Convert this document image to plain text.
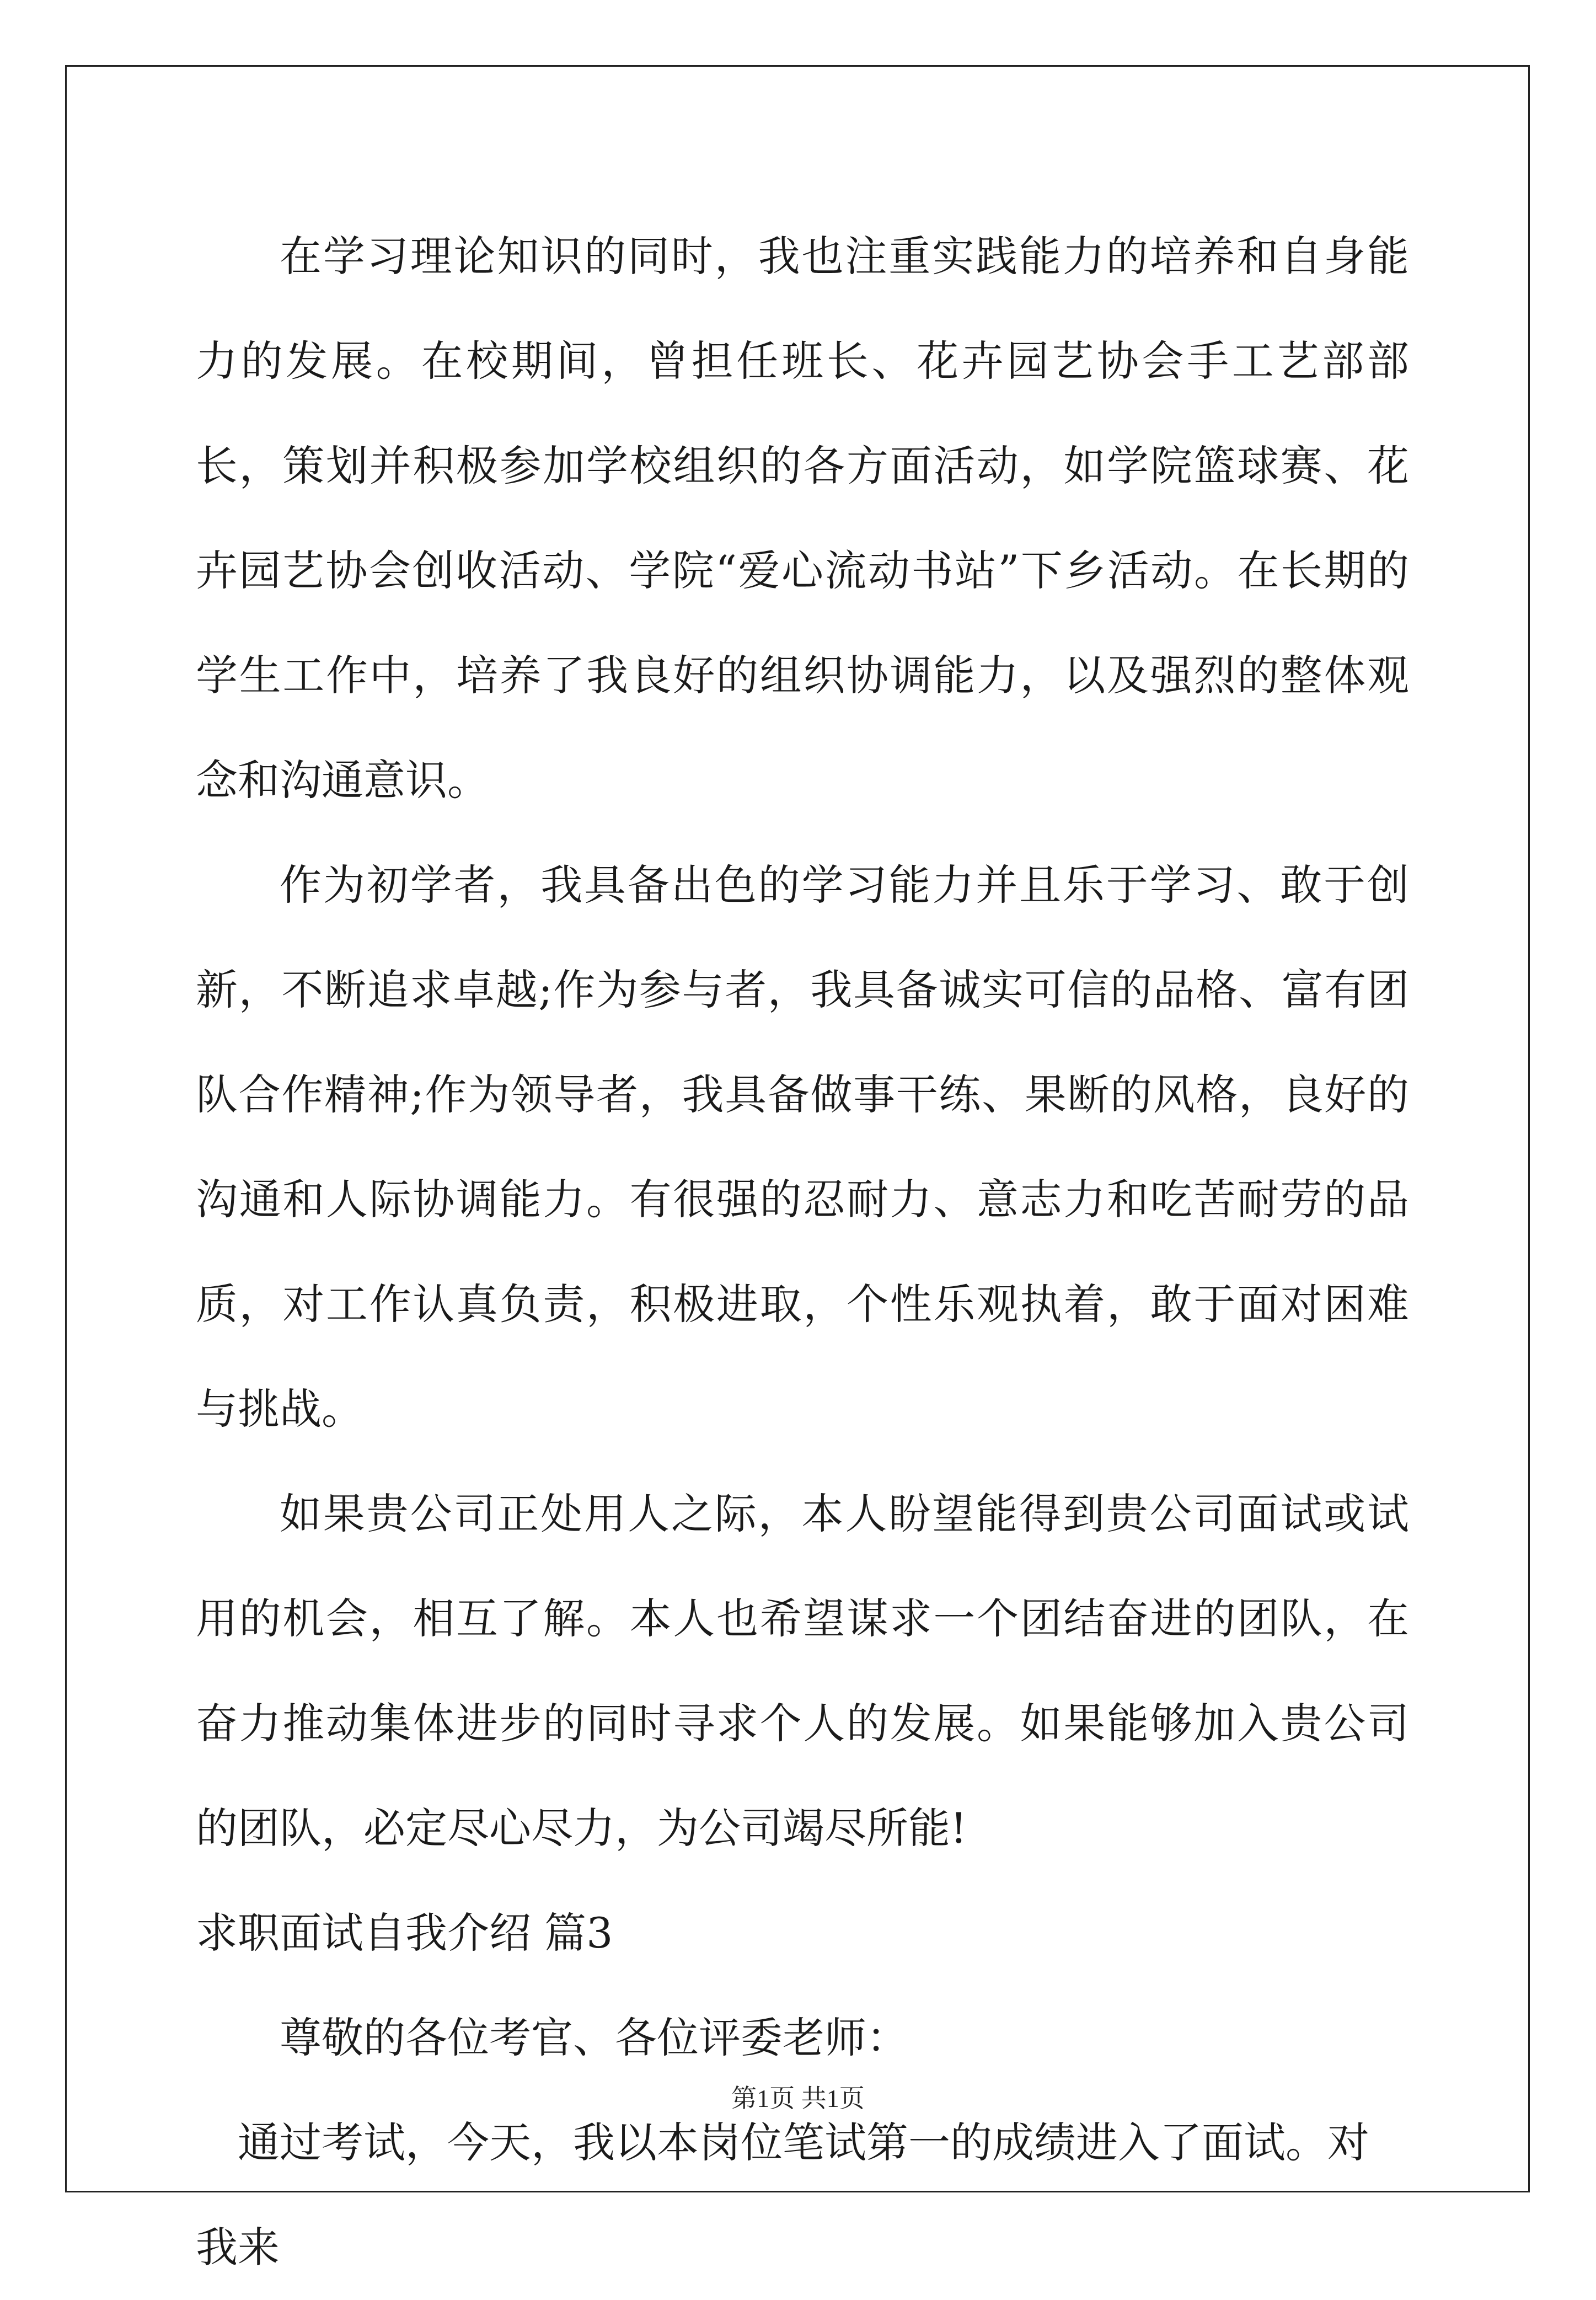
在学习理论知识的同时，我也注重实践能力的培养和自身能力的发展。在校期间，曾担任班长、花卉园艺协会手工艺部部长，策划并积极参加学校组织的各方面活动，如学院篮球赛、花卉园艺协会创收活动、学院“爱心流动书站”下乡活动。在长期的学生工作中，培养了我良好的组织协调能力，以及强烈的整体观念和沟通意识。

作为初学者，我具备出色的学习能力并且乐于学习、敢于创新，不断追求卓越;作为参与者，我具备诚实可信的品格、富有团队合作精神;作为领导者，我具备做事干练、果断的风格，良好的沟通和人际协调能力。有很强的忍耐力、意志力和吃苦耐劳的品质，对工作认真负责，积极进取，个性乐观执着，敢于面对困难与挑战。

如果贵公司正处用人之际，本人盼望能得到贵公司面试或试用的机会，相互了解。本人也希望谋求一个团结奋进的团队，在奋力推动集体进步的同时寻求个人的发展。如果能够加入贵公司的团队，必定尽心尽力，为公司竭尽所能!

求职面试自我介绍 篇3

尊敬的各位考官、各位评委老师：

通过考试，今天，我以本岗位笔试第一的成绩进入了面试。对我来

第1页 共1页
